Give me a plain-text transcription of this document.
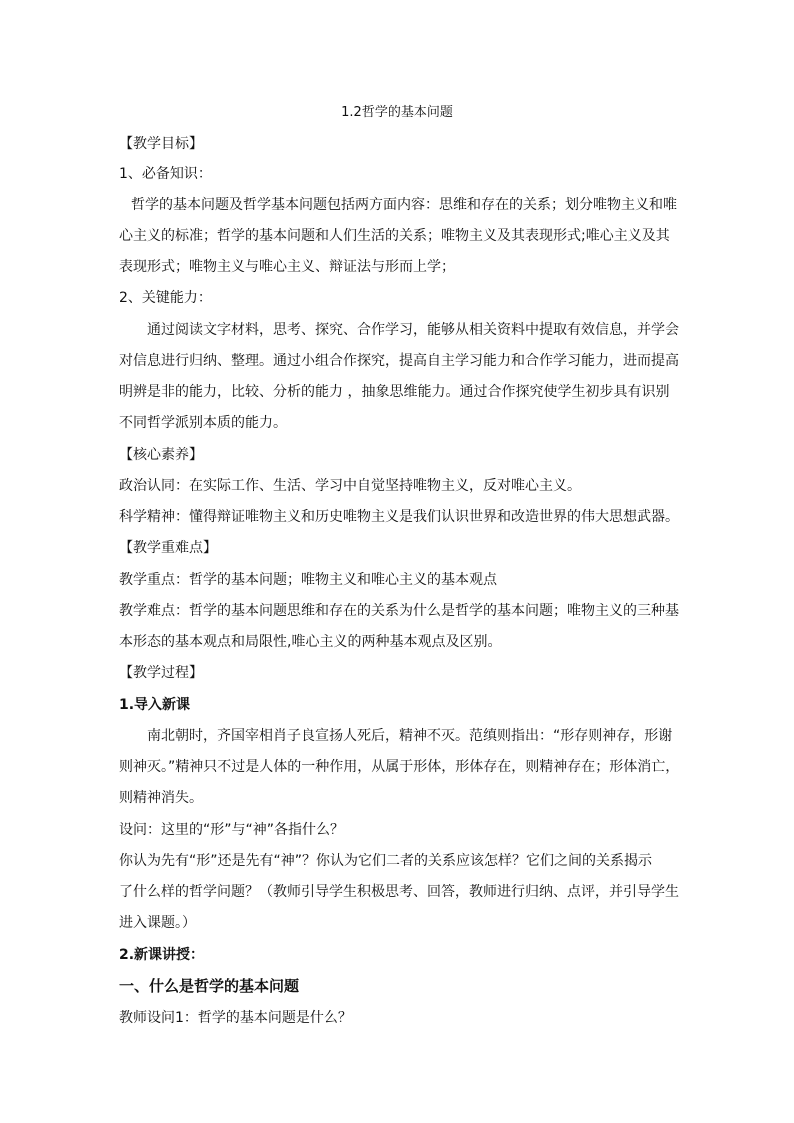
1.2哲学的基本问题
【教学目标】
1、必备知识：
哲学的基本问题及哲学基本问题包括两方面内容：思维和存在的关系；划分唯物主义和唯
心主义的标准；哲学的基本问题和人们生活的关系；唯物主义及其表现形式;唯心主义及其
表现形式；唯物主义与唯心主义、辩证法与形而上学；
2、关键能力：
通过阅读文字材料，思考、探究、合作学习，能够从相关资料中提取有效信息，并学会
对信息进行归纳、整理。通过小组合作探究，提高自主学习能力和合作学习能力，进而提高
明辨是非的能力，比较、分析的能力 ，抽象思维能力。通过合作探究使学生初步具有识别
不同哲学派别本质的能力。
【核心素养】
政治认同：在实际工作、生活、学习中自觉坚持唯物主义，反对唯心主义。
科学精神：懂得辩证唯物主义和历史唯物主义是我们认识世界和改造世界的伟大思想武器。
【教学重难点】
教学重点：哲学的基本问题；唯物主义和唯心主义的基本观点
教学难点：哲学的基本问题思维和存在的关系为什么是哲学的基本问题；唯物主义的三种基
本形态的基本观点和局限性,唯心主义的两种基本观点及区别。
【教学过程】
1.导入新课
南北朝时，齐国宰相肖子良宣扬人死后，精神不灭。范缜则指出：“形存则神存，形谢
则神灭。”精神只不过是人体的一种作用，从属于形体，形体存在，则精神存在；形体消亡，
则精神消失。
设问：这里的“形”与“神”各指什么？
你认为先有“形”还是先有“神”？你认为它们二者的关系应该怎样？它们之间的关系揭示
了什么样的哲学问题？（教师引导学生积极思考、回答，教师进行归纳、点评，并引导学生
进入课题。）
2.新课讲授：
一、什么是哲学的基本问题
教师设问1：哲学的基本问题是什么？
